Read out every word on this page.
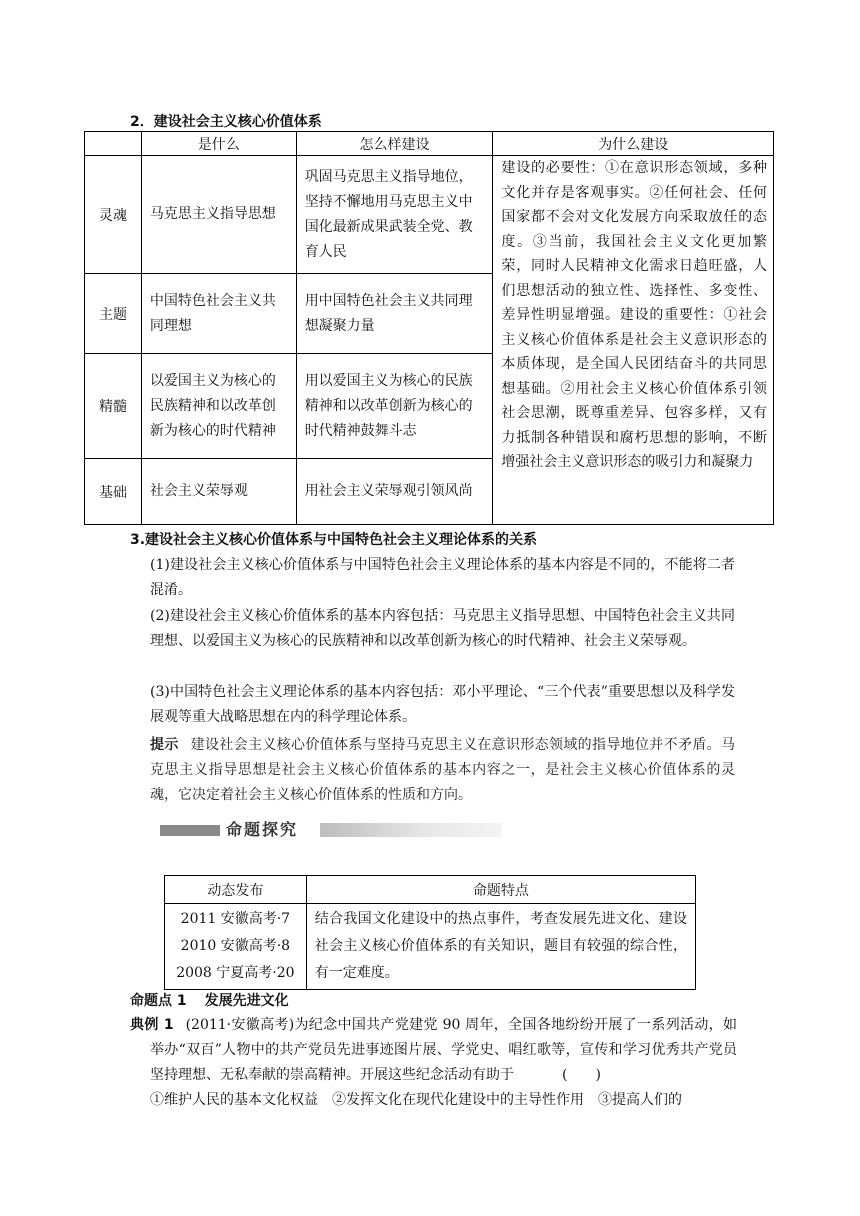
2．建设社会主义核心价值体系
	是什么	怎么样建设	为什么建设
灵魂	马克思主义指导思想	巩固马克思主义指导地位，坚持不懈地用马克思主义中国化最新成果武装全党、教育人民	建设的必要性：①在意识形态领域，多种文化并存是客观事实。②任何社会、任何国家都不会对文化发展方向采取放任的态度。③当前，我国社会主义文化更加繁荣，同时人民精神文化需求日趋旺盛，人们思想活动的独立性、选择性、多变性、差异性明显增强。建设的重要性：①社会主义核心价值体系是社会主义意识形态的本质体现，是全国人民团结奋斗的共同思想基础。②用社会主义核心价值体系引领社会思潮，既尊重差异、包容多样，又有力抵制各种错误和腐朽思想的影响，不断增强社会主义意识形态的吸引力和凝聚力
主题	中国特色社会主义共同理想	用中国特色社会主义共同理想凝聚力量	
精髓	以爱国主义为核心的民族精神和以改革创新为核心的时代精神	用以爱国主义为核心的民族精神和以改革创新为核心的时代精神鼓舞斗志	
基础	社会主义荣辱观	用社会主义荣辱观引领风尚	
3.建设社会主义核心价值体系与中国特色社会主义理论体系的关系
(1)建设社会主义核心价值体系与中国特色社会主义理论体系的基本内容是不同的，不能将二者混淆。
(2)建设社会主义核心价值体系的基本内容包括：马克思主义指导思想、中国特色社会主义共同理想、以爱国主义为核心的民族精神和以改革创新为核心的时代精神、社会主义荣辱观。
(3)中国特色社会主义理论体系的基本内容包括：邓小平理论、“三个代表”重要思想以及科学发展观等重大战略思想在内的科学理论体系。
提示 建设社会主义核心价值体系与坚持马克思主义在意识形态领域的指导地位并不矛盾。马克思主义指导思想是社会主义核心价值体系的基本内容之一，是社会主义核心价值体系的灵魂，它决定着社会主义核心价值体系的性质和方向。
命题探究
动态发布	命题特点

2011 安徽高考·7
2010 安徽高考·8
2008 宁夏高考·20	结合我国文化建设中的热点事件，考查发展先进文化、建设社会主义核心价值体系的有关知识，题目有较强的综合性，有一定难度。
命题点 1 发展先进文化
典例 1 (2011·安徽高考)为纪念中国共产党建党 90 周年，全国各地纷纷开展了一系列活动，如举办“双百”人物中的共产党员先进事迹图片展、学党史、唱红歌等，宣传和学习优秀共产党员坚持理想、无私奉献的崇高精神。开展这些纪念活动有助于	(　　)
①维护人民的基本文化权益　②发挥文化在现代化建设中的主导性作用　③提高人们的
